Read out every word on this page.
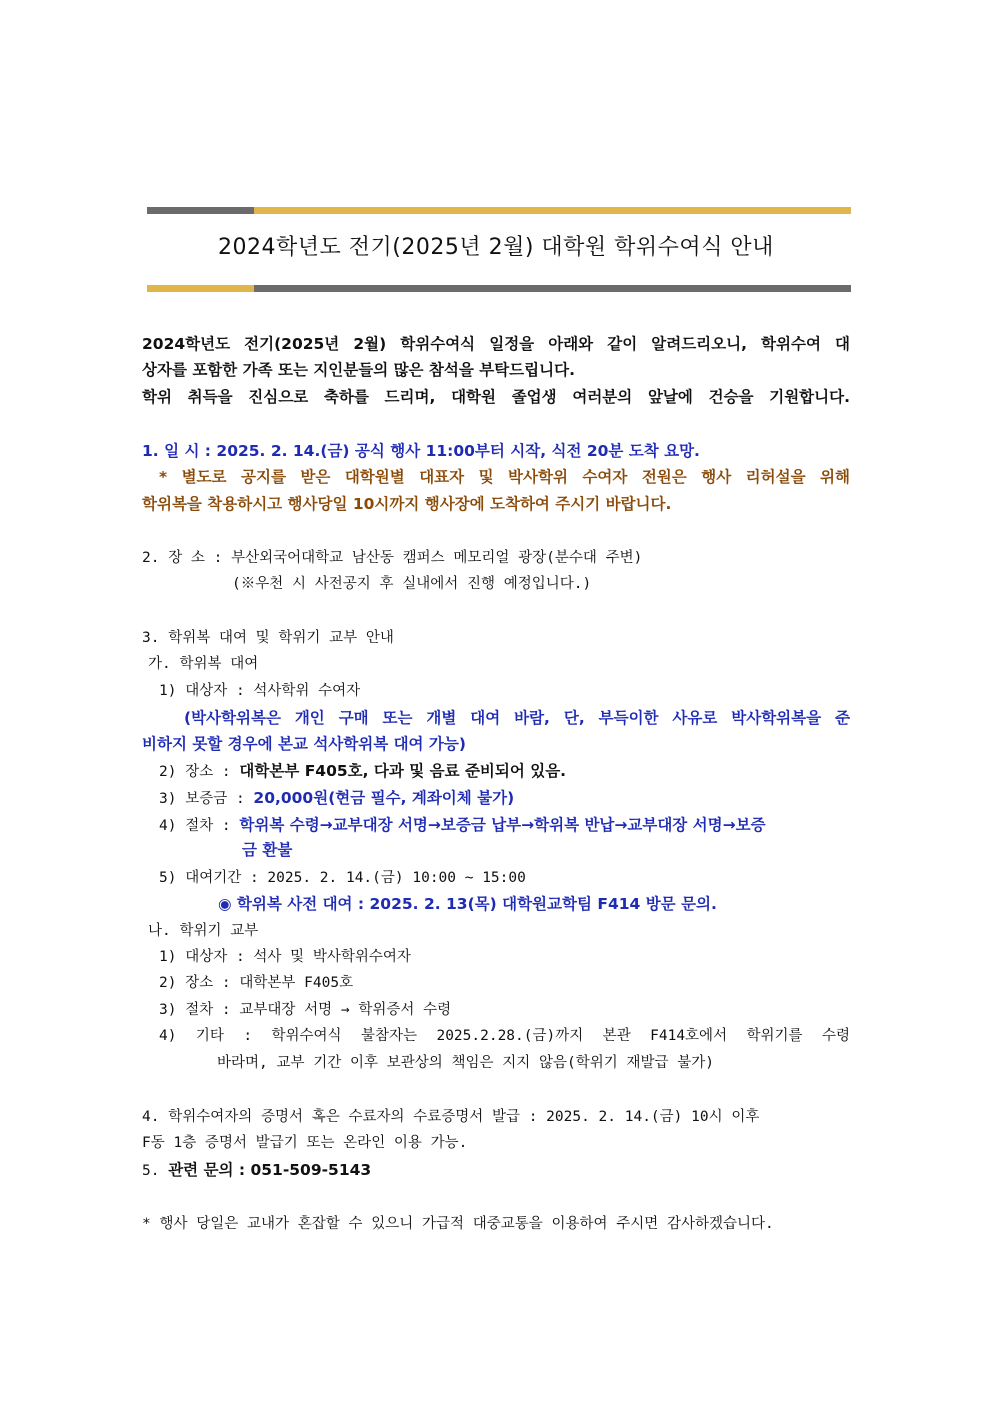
2024학년도 전기(2025년 2월) 대학원 학위수여식 안내
2024학년도 전기(2025년 2월) 학위수여식 일정을 아래와 같이 알려드리오니, 학위수여 대
상자를 포함한 가족 또는 지인분들의 많은 참석을 부탁드립니다.
학위 취득을 진심으로 축하를 드리며, 대학원 졸업생 여러분의 앞날에 건승을 기원합니다.
1. 일 시 : 2025. 2. 14.(금) 공식 행사 11:00부터 시작, 식전 20분 도착 요망.
* 별도로 공지를 받은 대학원별 대표자 및 박사학위 수여자 전원은 행사 리허설을 위해
학위복을 착용하시고 행사당일 10시까지 행사장에 도착하여 주시기 바랍니다.
2. 장 소 : 부산외국어대학교 남산동 캠퍼스 메모리얼 광장(분수대 주변)
(※우천 시 사전공지 후 실내에서 진행 예정입니다.)
3. 학위복 대여 및 학위기 교부 안내
가. 학위복 대여
1) 대상자 : 석사학위 수여자
(박사학위복은 개인 구매 또는 개별 대여 바람, 단, 부득이한 사유로 박사학위복을 준
비하지 못할 경우에 본교 석사학위복 대여 가능)
2) 장소 : 대학본부 F405호, 다과 및 음료 준비되어 있음.
3) 보증금 : 20,000원(현금 필수, 계좌이체 불가)
4) 절차 : 학위복 수령→교부대장 서명→보증금 납부→학위복 반납→교부대장 서명→보증
금 환불
5) 대여기간 : 2025. 2. 14.(금) 10:00 ~ 15:00
◉ 학위복 사전 대여 : 2025. 2. 13(목) 대학원교학팀 F414 방문 문의.
나. 학위기 교부
1) 대상자 : 석사 및 박사학위수여자
2) 장소 : 대학본부 F405호
3) 절차 : 교부대장 서명 → 학위증서 수령
4) 기타 : 학위수여식 불참자는 2025.2.28.(금)까지 본관 F414호에서 학위기를 수령
바라며, 교부 기간 이후 보관상의 책임은 지지 않음(학위기 재발급 불가)
4. 학위수여자의 증명서 혹은 수료자의 수료증명서 발급 : 2025. 2. 14.(금) 10시 이후
F동 1층 증명서 발급기 또는 온라인 이용 가능.
5. 관련 문의 : 051-509-5143
* 행사 당일은 교내가 혼잡할 수 있으니 가급적 대중교통을 이용하여 주시면 감사하겠습니다.
